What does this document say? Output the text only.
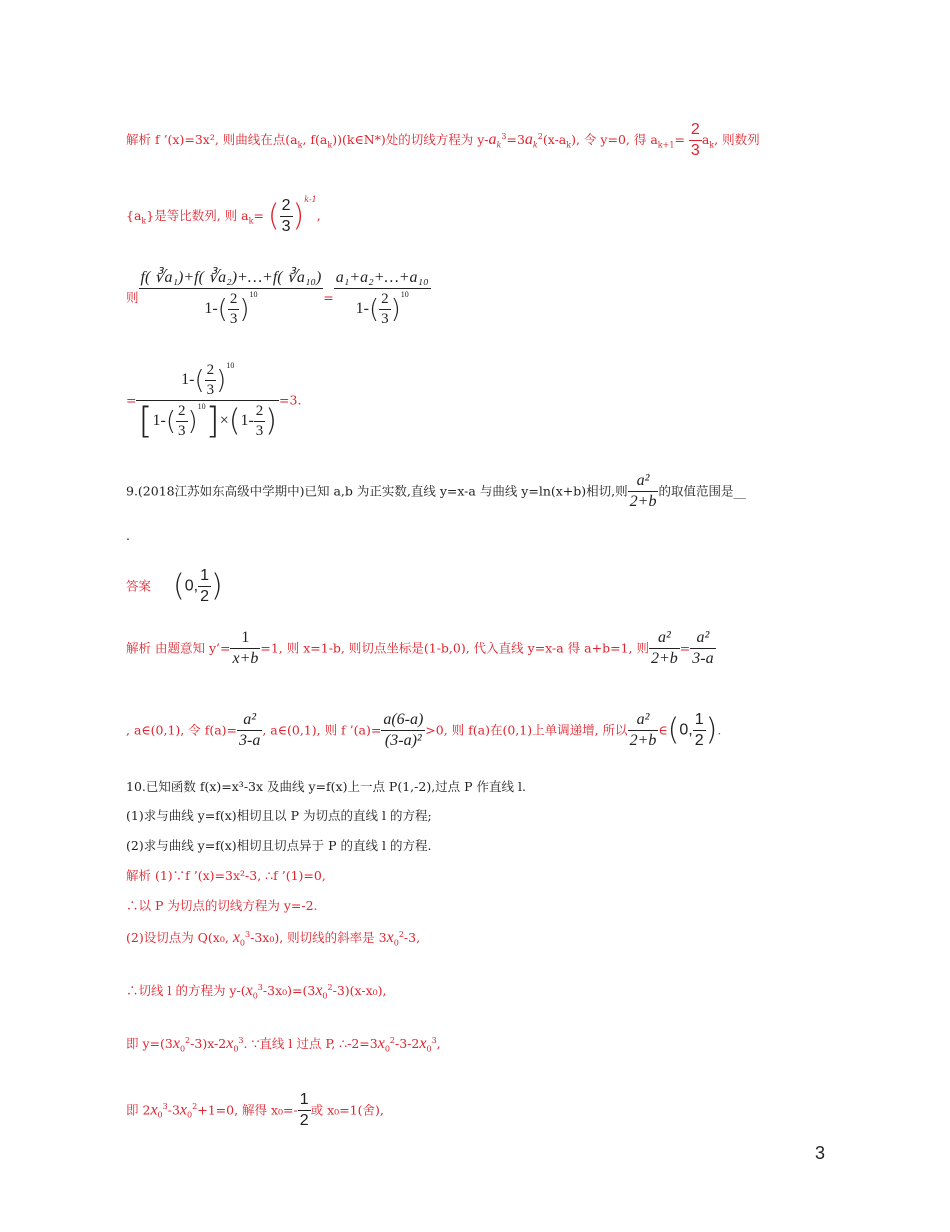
解析 f ’(x)=3x², 则曲线在点($a_k$, $f(a_k))(k\in N*)$处的切线方程为 $y-a_k^3=3a_k^2(x-a_k)$, 令 y=0, 得 $a_{k+1}= \frac{2}{3} a_k$, 则数列
$\{a_k\}$是等比数列, 则 $a_k=$ ( $\frac{2}{3} )^{k-1}$,
则 $\frac{\text{f( ∛a₁)+f( ∛a₂)+…+f( ∛a₁₀)}}{1-( \frac{2}{3} )^{10}} = \frac{\text{a₁+a₂+…+a₁₀}}{1-( \frac{2}{3} )^{10}}$
= $\frac{1-( \frac{2}{3} )^{10}}{[1-( \frac{2}{3} )^{10}]\times(1- \frac{2}{3} )} =3$.
9.(2018江苏如东高级中学期中)已知 a,b 为正实数,直线 y=x-a 与曲线 y=ln(x+b)相切,则 $\frac{\text{a²}}{2+b}$ 的取值范围是__
.
答案 (0, $\frac{1}{2}$ )
解析 由题意知 y’= $\frac{1}{x+b} =1$, 则 x=1-b, 则切点坐标是(1-b,0), 代入直线 y=x-a 得 a+b=1, 则 $\frac{\text{a²}}{2+b} = \frac{\text{a²}}{3-a}$
, a∈(0,1), 令 $f(a)= \frac{\text{a²}}{3-a}$ , a∈(0,1), 则 f ’(a)= $\frac{a(6-a)}{\text{(3-a)²}} >0$, 则 f(a)在(0,1)上单调递增, 所以 $\frac{\text{a²}}{2+b}$ ∈(0, $\frac{1}{2}$ ).
10.已知函数 f(x)=x³-3x 及曲线 y=f(x)上一点 P(1,-2),过点 P 作直线 l.
(1)求与曲线 y=f(x)相切且以 P 为切点的直线 l 的方程;
(2)求与曲线 y=f(x)相切且切点异于 P 的直线 l 的方程.
解析 (1)∵f ’(x)=3x²-3, ∴f ’(1)=0,
∴以 P 为切点的切线方程为 y=-2.
(2)设切点为 Q(x₀, $x_0^3-3x_0$), 则切线的斜率是 $3x_0^2-3$,
∴切线 l 的方程为 $y-(x_0^3-3x_0)=(3x_0^2-3)(x-x_0)$,
即 $y=(3x_0^2-3)x-2x_0^3$. ∵直线 l 过点 P, $\therefore-2=3x_0^2-3-2x_0^3$,
即 $2x_0^3-3x_0^2+1=0$, 解得 $x_0=- \frac{1}{2}$ 或 x₀=1(舍),
3
